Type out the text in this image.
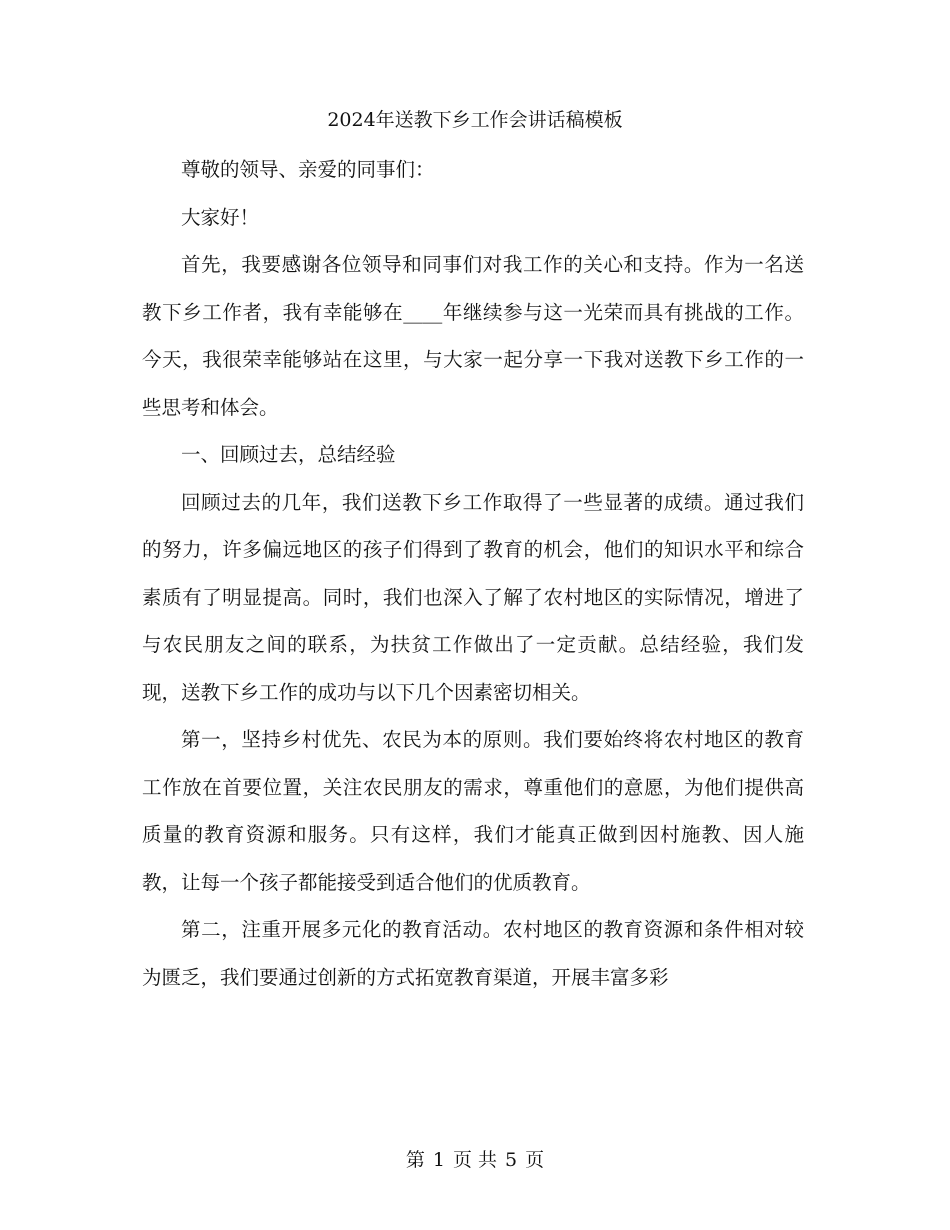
2024年送教下乡工作会讲话稿模板

尊敬的领导、亲爱的同事们：

大家好！

首先，我要感谢各位领导和同事们对我工作的关心和支持。作为一名送教下乡工作者，我有幸能够在____年继续参与这一光荣而具有挑战的工作。今天，我很荣幸能够站在这里，与大家一起分享一下我对送教下乡工作的一些思考和体会。

一、回顾过去，总结经验

回顾过去的几年，我们送教下乡工作取得了一些显著的成绩。通过我们的努力，许多偏远地区的孩子们得到了教育的机会，他们的知识水平和综合素质有了明显提高。同时，我们也深入了解了农村地区的实际情况，增进了与农民朋友之间的联系，为扶贫工作做出了一定贡献。总结经验，我们发现，送教下乡工作的成功与以下几个因素密切相关。

第一，坚持乡村优先、农民为本的原则。我们要始终将农村地区的教育工作放在首要位置，关注农民朋友的需求，尊重他们的意愿，为他们提供高质量的教育资源和服务。只有这样，我们才能真正做到因村施教、因人施教，让每一个孩子都能接受到适合他们的优质教育。

第二，注重开展多元化的教育活动。农村地区的教育资源和条件相对较为匮乏，我们要通过创新的方式拓宽教育渠道，开展丰富多彩

第 1 页 共 5 页
